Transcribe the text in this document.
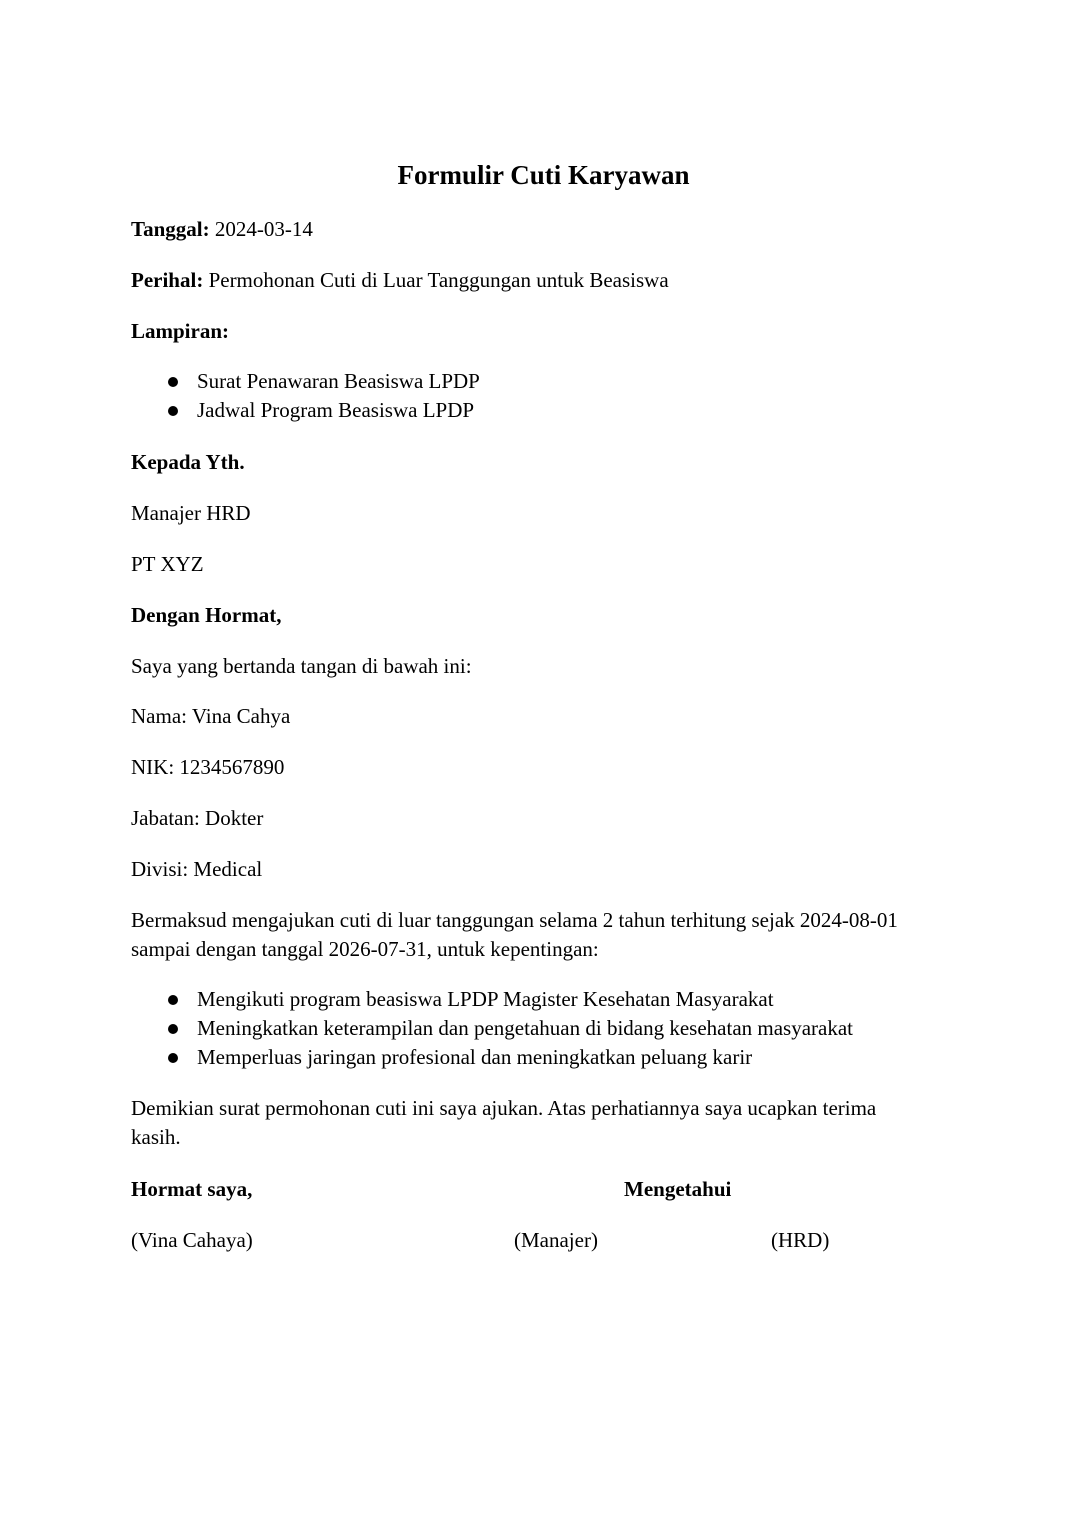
Formulir Cuti Karyawan
Tanggal: 2024-03-14
Perihal: Permohonan Cuti di Luar Tanggungan untuk Beasiswa
Lampiran:
Surat Penawaran Beasiswa LPDP
Jadwal Program Beasiswa LPDP
Kepada Yth.
Manajer HRD
PT XYZ
Dengan Hormat,
Saya yang bertanda tangan di bawah ini:
Nama: Vina Cahya
NIK: 1234567890
Jabatan: Dokter
Divisi: Medical
Bermaksud mengajukan cuti di luar tanggungan selama 2 tahun terhitung sejak 2024-08-01
sampai dengan tanggal 2026-07-31, untuk kepentingan:
Mengikuti program beasiswa LPDP Magister Kesehatan Masyarakat
Meningkatkan keterampilan dan pengetahuan di bidang kesehatan masyarakat
Memperluas jaringan profesional dan meningkatkan peluang karir
Demikian surat permohonan cuti ini saya ajukan. Atas perhatiannya saya ucapkan terima
kasih.
Hormat saya,	Mengetahui
(Vina Cahaya)	(Manajer)	(HRD)
